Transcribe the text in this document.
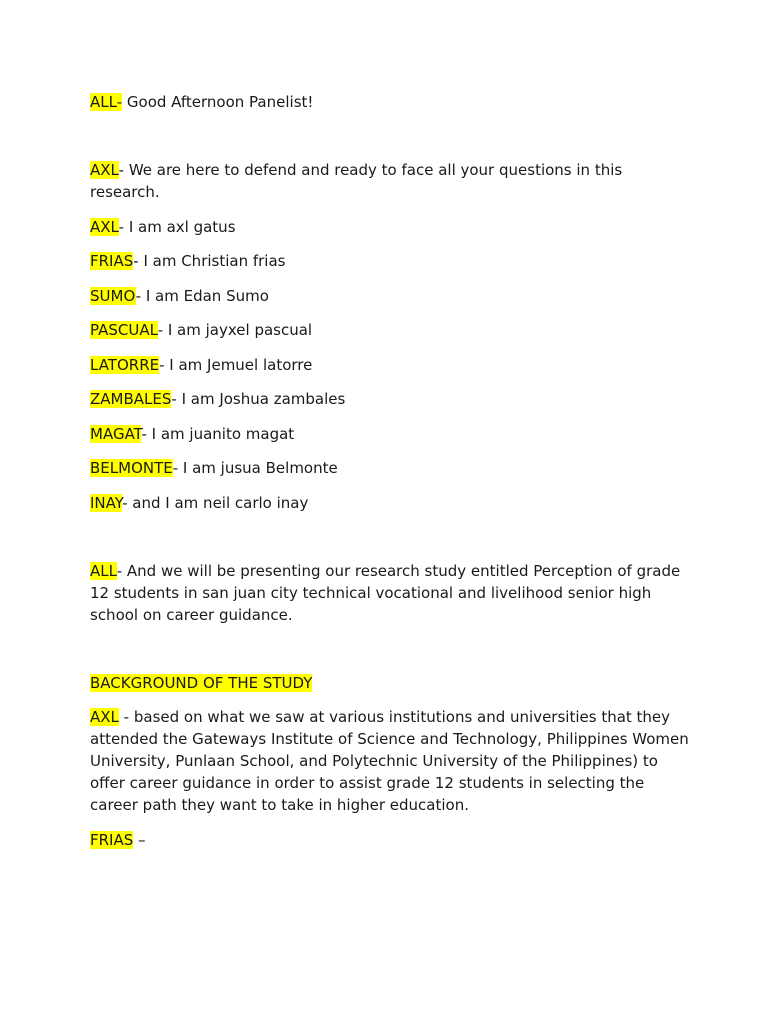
ALL- Good Afternoon Panelist!

AXL- We are here to defend and ready to face all your questions in this research.

AXL- I am axl gatus

FRIAS- I am Christian frias

SUMO- I am Edan Sumo

PASCUAL- I am jayxel pascual

LATORRE- I am Jemuel latorre

ZAMBALES- I am Joshua zambales

MAGAT- I am juanito magat

BELMONTE- I am jusua Belmonte

INAY- and I am neil carlo inay

ALL- And we will be presenting our research study entitled Perception of grade 12 students in san juan city technical vocational and livelihood senior high school on career guidance.

BACKGROUND OF THE STUDY

AXL - based on what we saw at various institutions and universities that they attended the Gateways Institute of Science and Technology, Philippines Women University, Punlaan School, and Polytechnic University of the Philippines) to offer career guidance in order to assist grade 12 students in selecting the career path they want to take in higher education.

FRIAS –
